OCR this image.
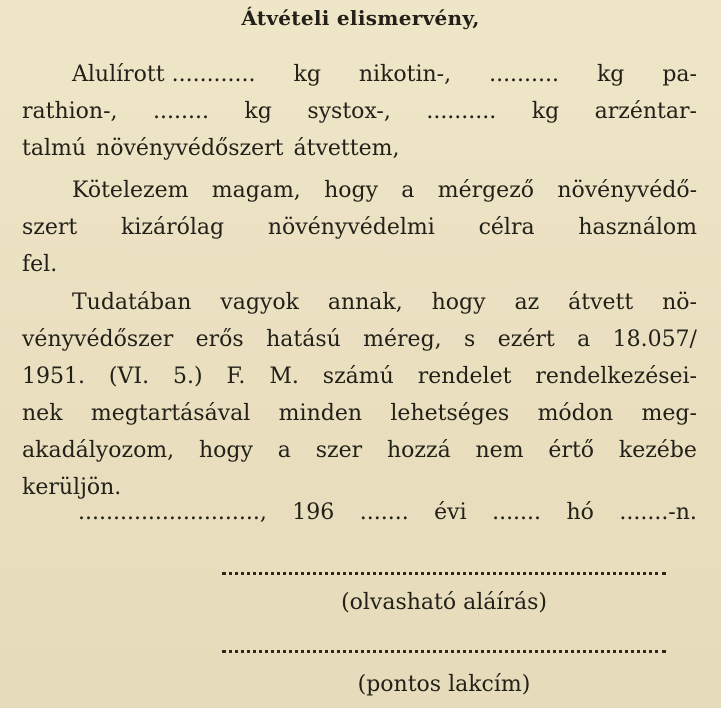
Átvételi elismervény,
Alulírott ............ kg nikotin-, .......... kg pa-
rathion-, ........ kg systox-, .......... kg arzéntar-
talmú növényvédőszert átvettem,
Kötelezem magam, hogy a mérgező növényvédő-
szert kizárólag növényvédelmi célra használom
fel.
Tudatában vagyok annak, hogy az átvett nö-
vényvédőszer erős hatású méreg, s ezért a 18.057/
1951. (VI. 5.) F. M. számú rendelet rendelkezései-
nek megtartásával minden lehetséges módon meg-
akadályozom, hogy a szer hozzá nem értő kezébe
kerüljön.
.........................., 196 ....... évi ....... hó .......-n.
(olvasható aláírás)
(pontos lakcím)
